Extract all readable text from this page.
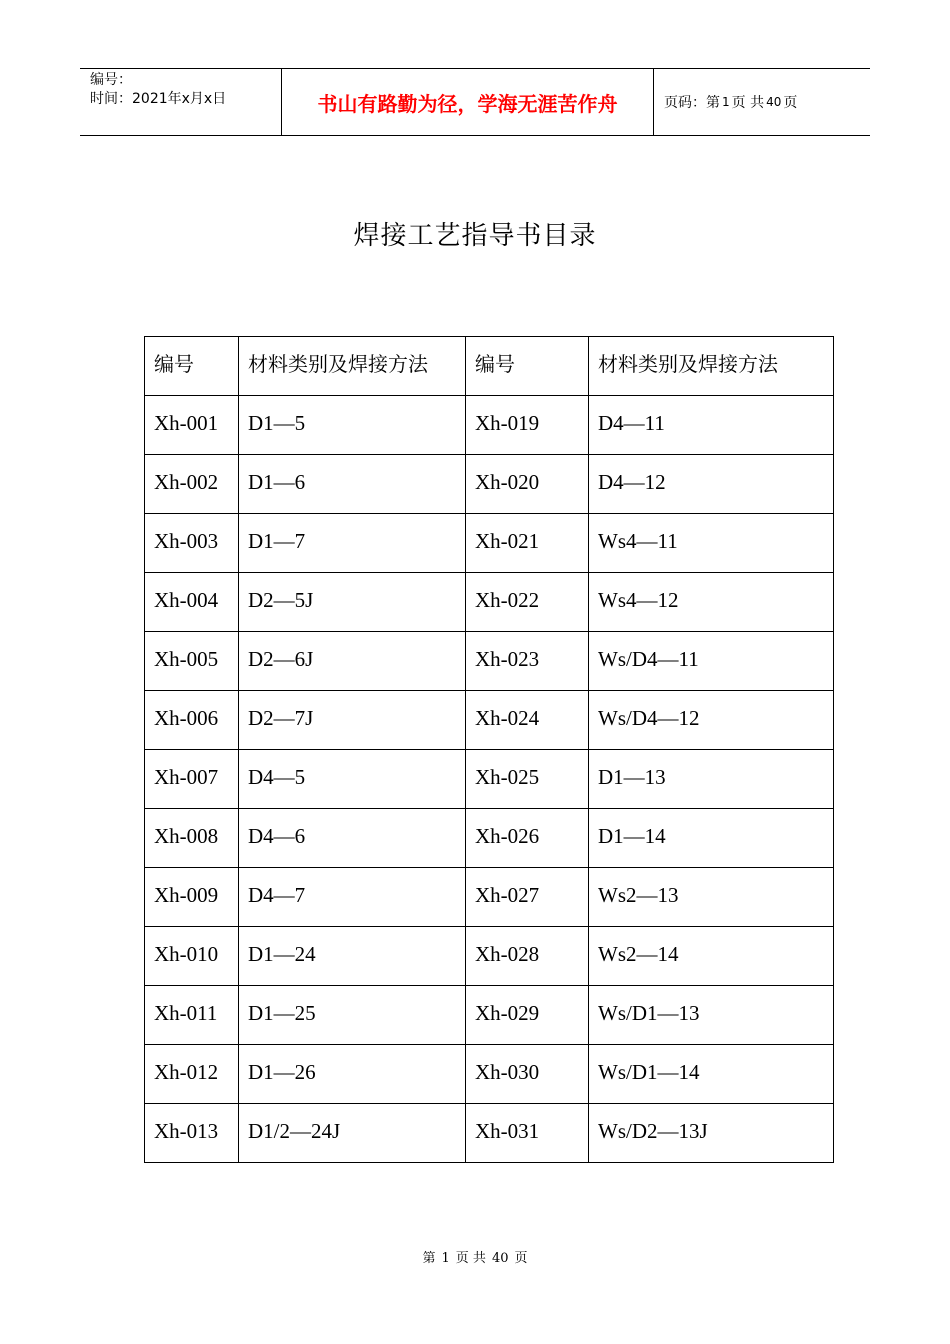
编号：
时间：2021年x月x日	书山有路勤为径，学海无涯苦作舟	页码：第 1 页 共 40 页
焊接工艺指导书目录
编号	材料类别及焊接方法	编号	材料类别及焊接方法
Xh-001	D1—5	Xh-019	D4—11
Xh-002	D1—6	Xh-020	D4—12
Xh-003	D1—7	Xh-021	Ws4—11
Xh-004	D2—5J	Xh-022	Ws4—12
Xh-005	D2—6J	Xh-023	Ws/D4—11
Xh-006	D2—7J	Xh-024	Ws/D4—12
Xh-007	D4—5	Xh-025	D1—13
Xh-008	D4—6	Xh-026	D1—14
Xh-009	D4—7	Xh-027	Ws2—13
Xh-010	D1—24	Xh-028	Ws2—14
Xh-011	D1—25	Xh-029	Ws/D1—13
Xh-012	D1—26	Xh-030	Ws/D1—14
Xh-013	D1/2—24J	Xh-031	Ws/D2—13J
第 1 页 共 40 页
